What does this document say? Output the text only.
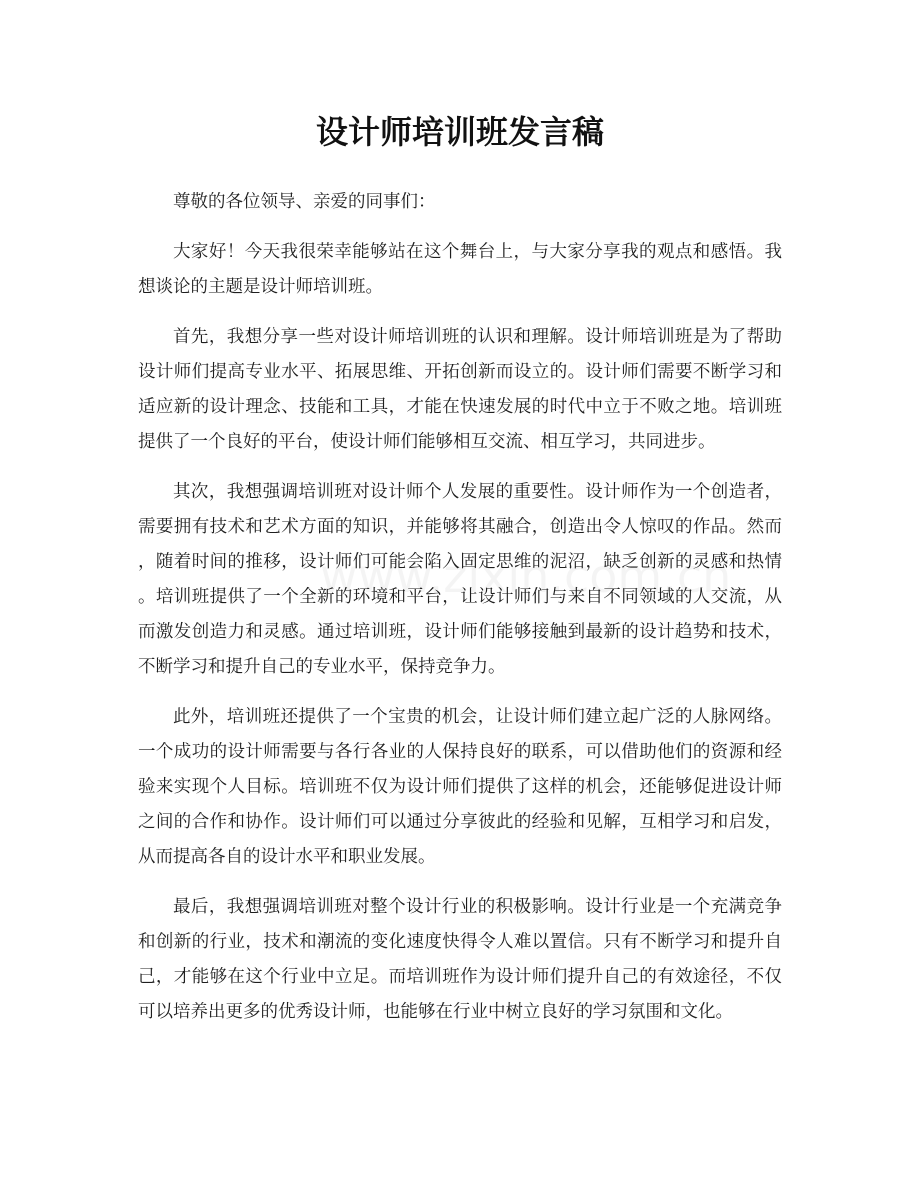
设计师培训班发言稿

尊敬的各位领导、亲爱的同事们：

大家好！今天我很荣幸能够站在这个舞台上，与大家分享我的观点和感悟。我
想谈论的主题是设计师培训班。
首先，我想分享一些对设计师培训班的认识和理解。设计师培训班是为了帮助
设计师们提高专业水平、拓展思维、开拓创新而设立的。设计师们需要不断学习和
适应新的设计理念、技能和工具，才能在快速发展的时代中立于不败之地。培训班
提供了一个良好的平台，使设计师们能够相互交流、相互学习，共同进步。
其次，我想强调培训班对设计师个人发展的重要性。设计师作为一个创造者，
需要拥有技术和艺术方面的知识，并能够将其融合，创造出令人惊叹的作品。然而
，随着时间的推移，设计师们可能会陷入固定思维的泥沼，缺乏创新的灵感和热情
。培训班提供了一个全新的环境和平台，让设计师们与来自不同领域的人交流，从
而激发创造力和灵感。通过培训班，设计师们能够接触到最新的设计趋势和技术，
不断学习和提升自己的专业水平，保持竞争力。
此外，培训班还提供了一个宝贵的机会，让设计师们建立起广泛的人脉网络。
一个成功的设计师需要与各行各业的人保持良好的联系，可以借助他们的资源和经
验来实现个人目标。培训班不仅为设计师们提供了这样的机会，还能够促进设计师
之间的合作和协作。设计师们可以通过分享彼此的经验和见解，互相学习和启发，
从而提高各自的设计水平和职业发展。
最后，我想强调培训班对整个设计行业的积极影响。设计行业是一个充满竞争
和创新的行业，技术和潮流的变化速度快得令人难以置信。只有不断学习和提升自
己，才能够在这个行业中立足。而培训班作为设计师们提升自己的有效途径，不仅
可以培养出更多的优秀设计师，也能够在行业中树立良好的学习氛围和文化。
